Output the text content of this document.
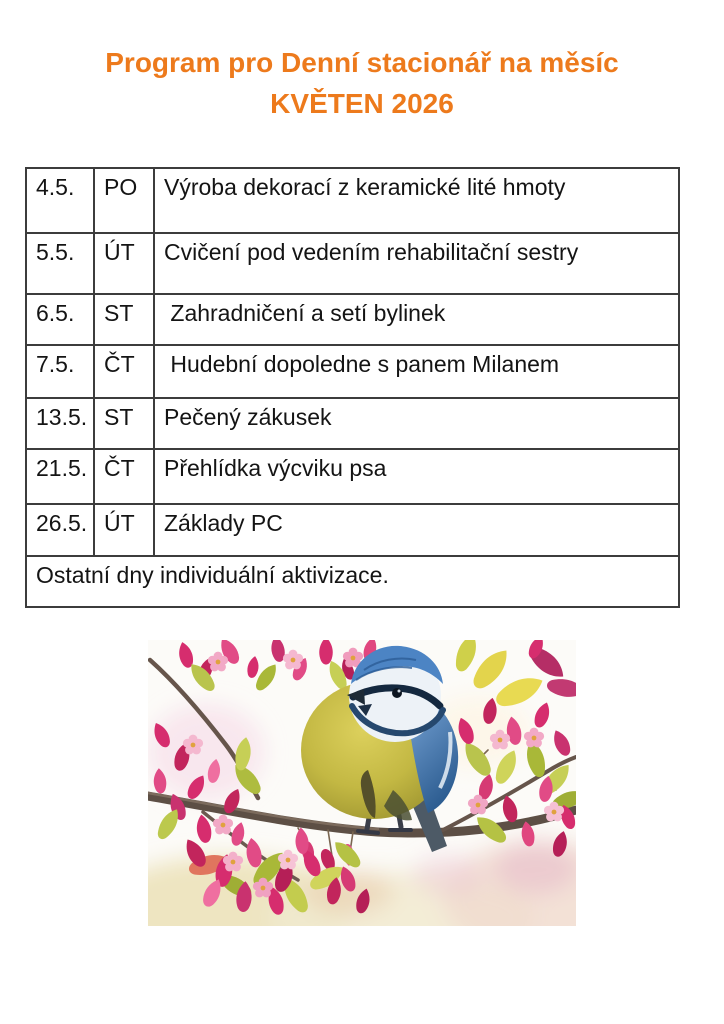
Program pro Denní stacionář na měsíc
KVĚTEN 2026
4.5.	PO	Výroba dekorací z keramické lité hmoty
5.5.	ÚT	Cvičení pod vedením rehabilitační sestry
6.5.	ST	Zahradničení a setí bylinek
7.5.	ČT	Hudební dopoledne s panem Milanem
13.5.	ST	Pečený zákusek
21.5.	ČT	Přehlídka výcviku psa
26.5.	ÚT	Základy PC
Ostatní dny individuální aktivizace.		
